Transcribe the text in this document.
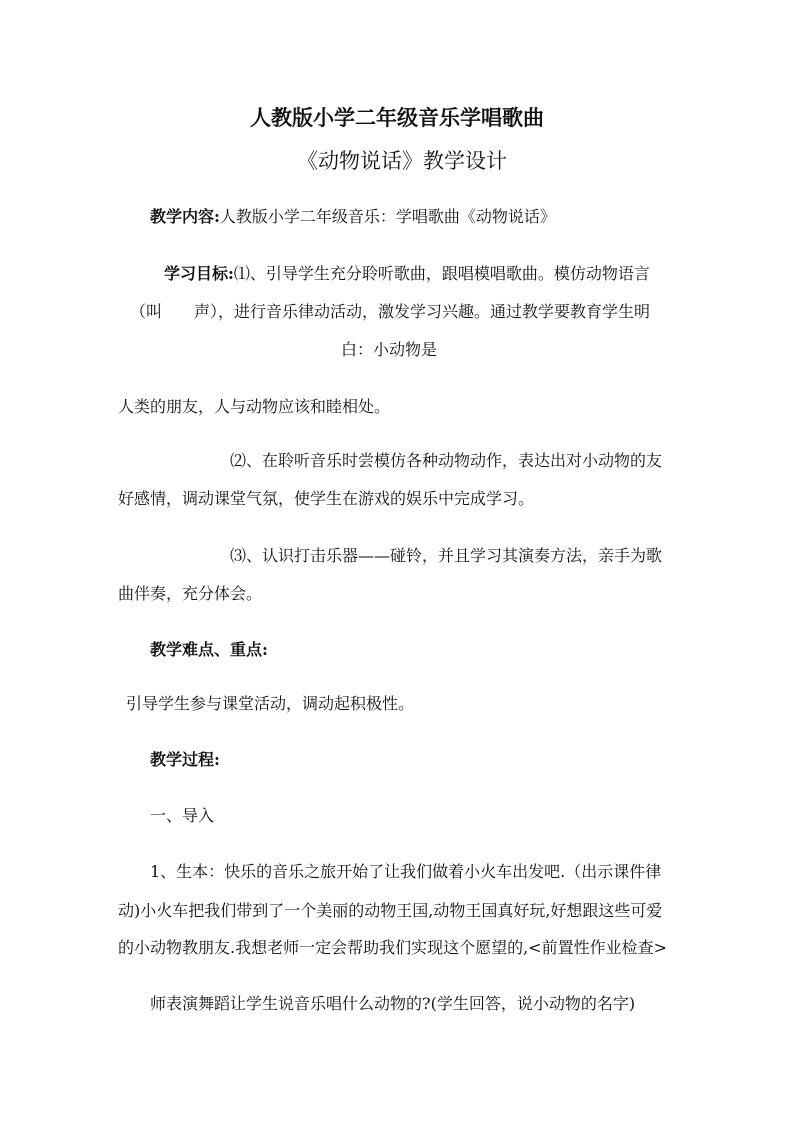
人教版小学二年级音乐学唱歌曲
《动物说话》教学设计
教学内容:人教版小学二年级音乐：学唱歌曲《动物说话》
学习目标:⑴、引导学生充分聆听歌曲，跟唱模唱歌曲。模仿动物语言
（叫　　声），进行音乐律动活动，激发学习兴趣。通过教学要教育学生明
白：小动物是
人类的朋友，人与动物应该和睦相处。
⑵、在聆听音乐时尝模仿各种动物动作，表达出对小动物的友
好感情，调动课堂气氛，使学生在游戏的娱乐中完成学习。
⑶、认识打击乐器——碰铃，并且学习其演奏方法，亲手为歌
曲伴奏，充分体会。
教学难点、重点:
引导学生参与课堂活动，调动起积极性。
教学过程:
一、导入
1、生本：快乐的音乐之旅开始了让我们做着小火车出发吧.（出示课件律
动)小火车把我们带到了一个美丽的动物王国,动物王国真好玩,好想跟这些可爱
的小动物教朋友.我想老师一定会帮助我们实现这个愿望的,<前置性作业检查>
师表演舞蹈让学生说音乐唱什么动物的?(学生回答，说小动物的名字)
